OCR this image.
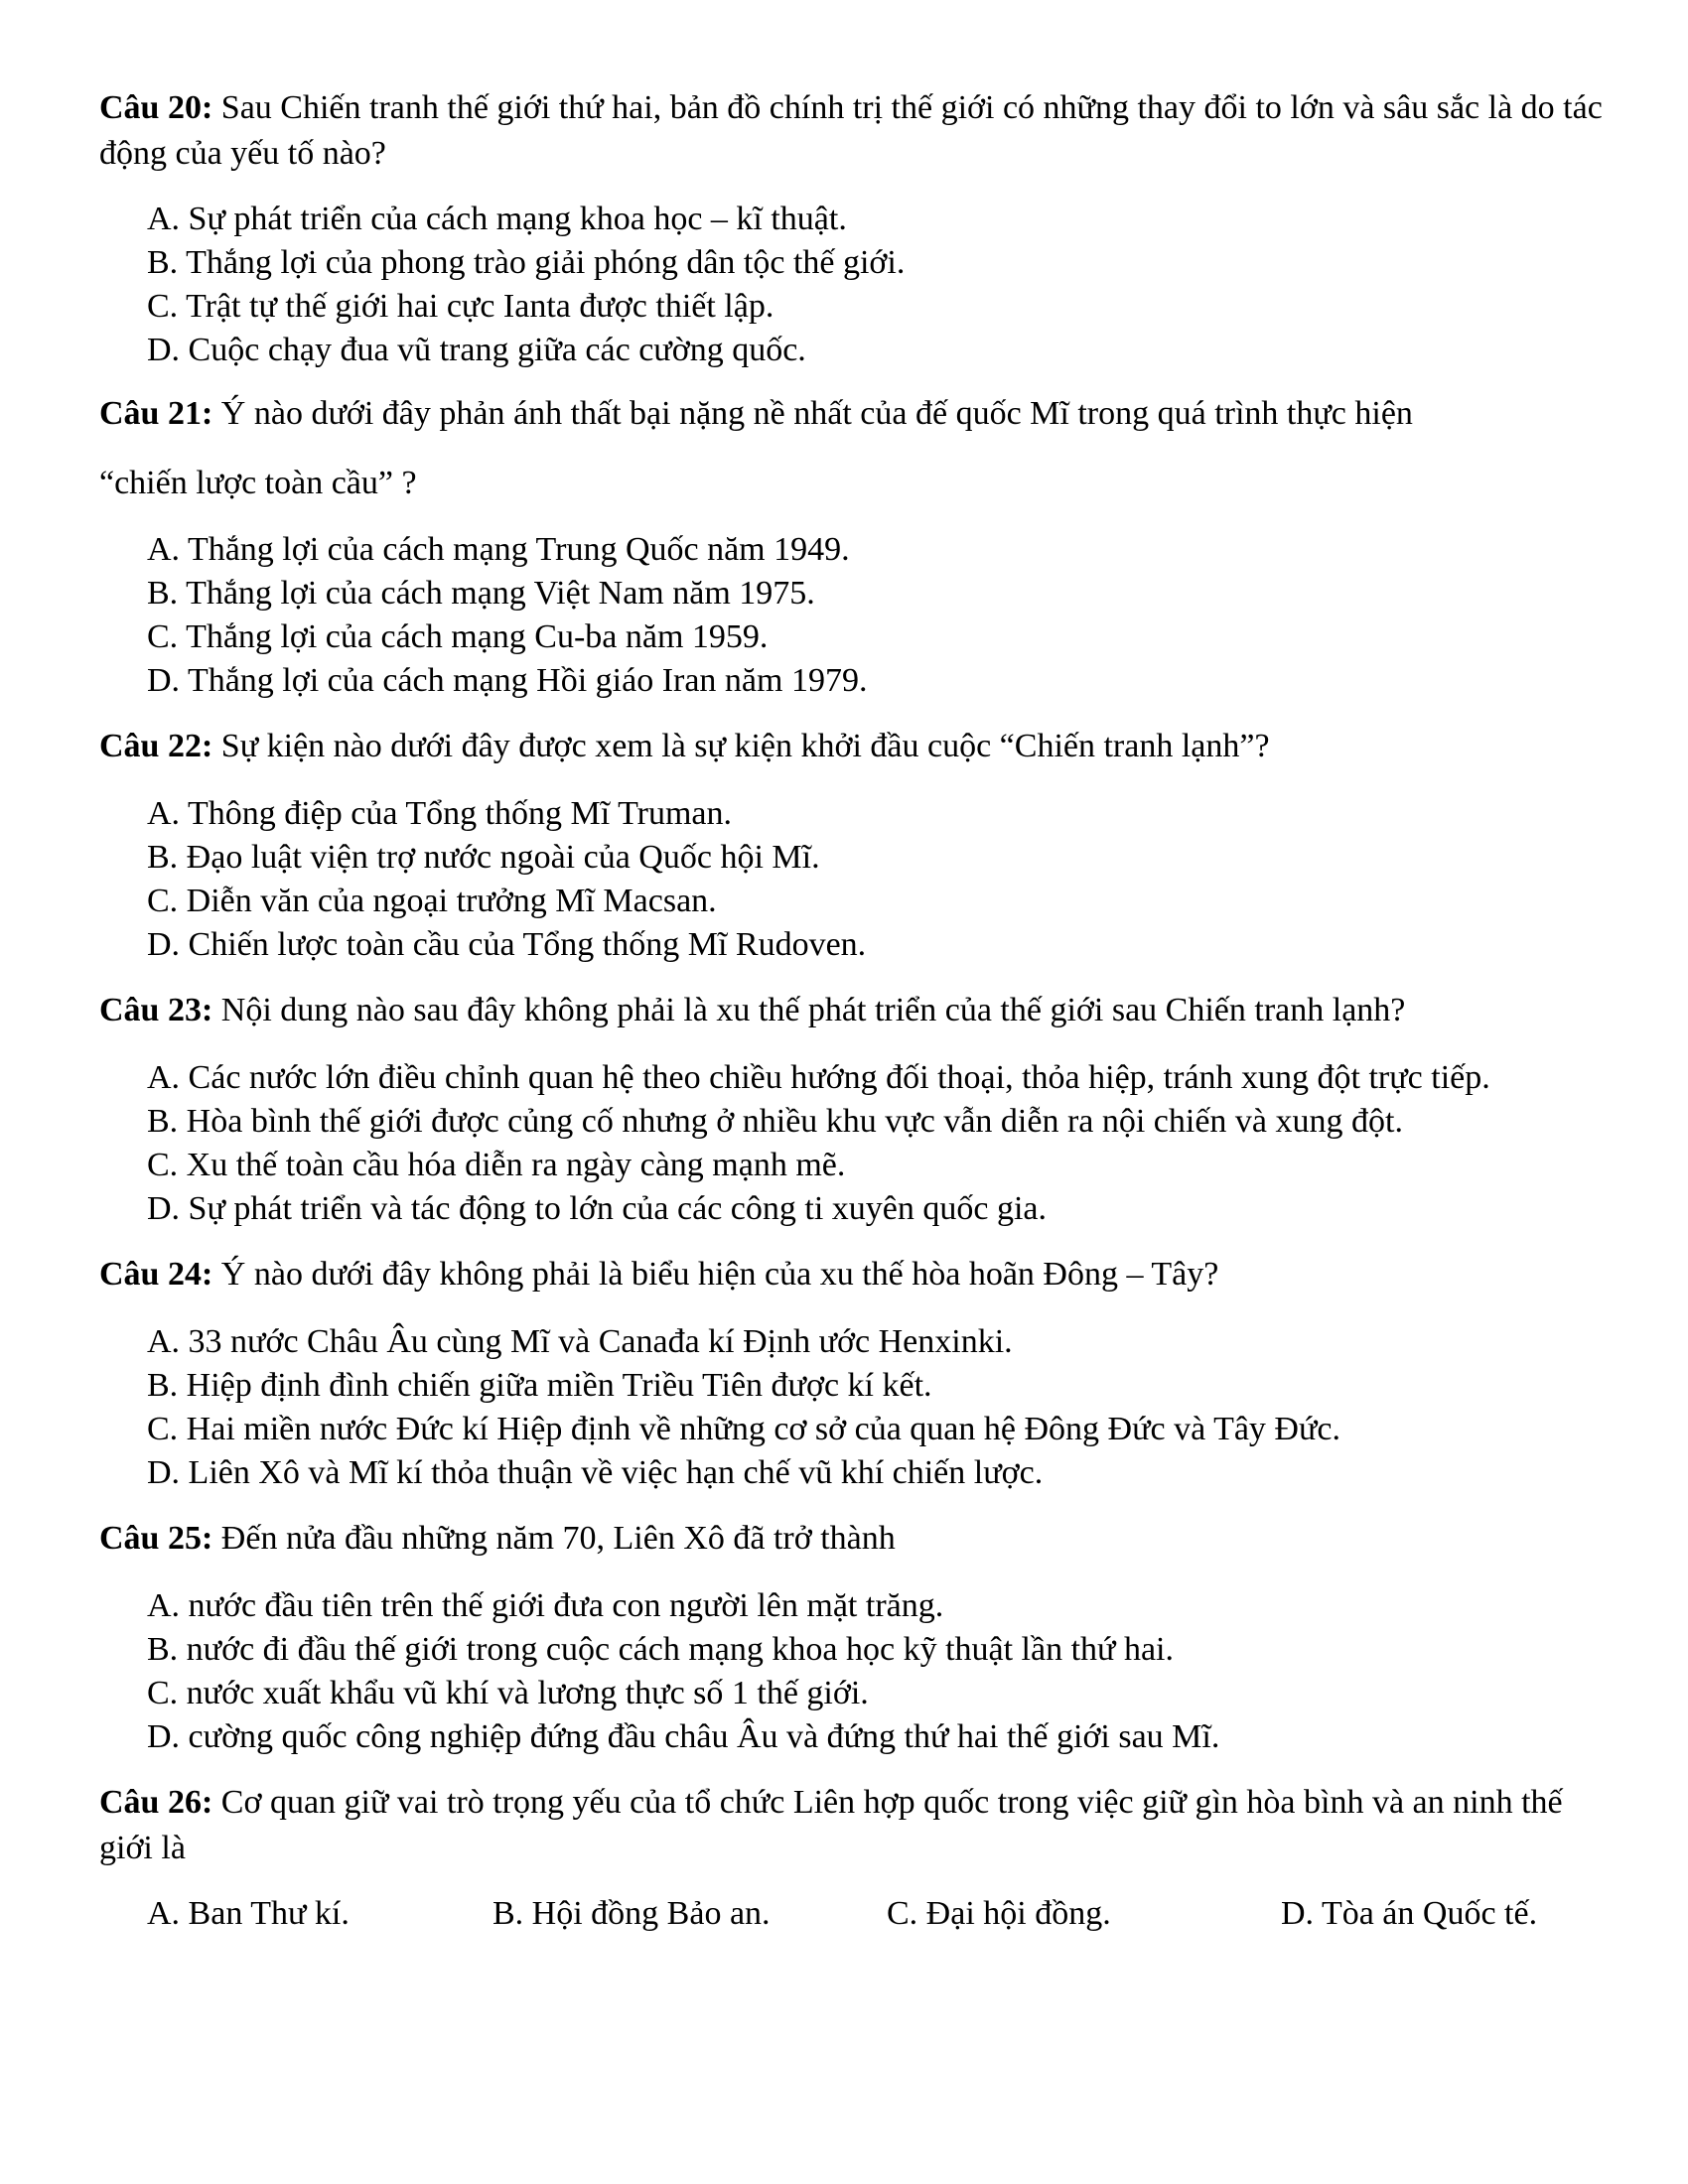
Câu 20: Sau Chiến tranh thế giới thứ hai, bản đồ chính trị thế giới có những thay đổi to lớn và sâu sắc là do tác động của yếu tố nào?
A. Sự phát triển của cách mạng khoa học – kĩ thuật.
B. Thắng lợi của phong trào giải phóng dân tộc thế giới.
C. Trật tự thế giới hai cực Ianta được thiết lập.
D. Cuộc chạy đua vũ trang giữa các cường quốc.
Câu 21: Ý nào dưới đây phản ánh thất bại nặng nề nhất của đế quốc Mĩ trong quá trình thực hiện
“chiến lược toàn cầu” ?
A. Thắng lợi của cách mạng Trung Quốc năm 1949.
B. Thắng lợi của cách mạng Việt Nam năm 1975.
C. Thắng lợi của cách mạng Cu-ba năm 1959.
D. Thắng lợi của cách mạng Hồi giáo Iran năm 1979.
Câu 22: Sự kiện nào dưới đây được xem là sự kiện khởi đầu cuộc “Chiến tranh lạnh”?
A. Thông điệp của Tổng thống Mĩ Truman.
B. Đạo luật viện trợ nước ngoài của Quốc hội Mĩ.
C. Diễn văn của ngoại trưởng Mĩ Macsan.
D. Chiến lược toàn cầu của Tổng thống Mĩ Rudoven.
Câu 23: Nội dung nào sau đây không phải là xu thế phát triển của thế giới sau Chiến tranh lạnh?
A. Các nước lớn điều chỉnh quan hệ theo chiều hướng đối thoại, thỏa hiệp, tránh xung đột trực tiếp.
B. Hòa bình thế giới được củng cố nhưng ở nhiều khu vực vẫn diễn ra nội chiến và xung đột.
C. Xu thế toàn cầu hóa diễn ra ngày càng mạnh mẽ.
D. Sự phát triển và tác động to lớn của các công ti xuyên quốc gia.
Câu 24: Ý nào dưới đây không phải là biểu hiện của xu thế hòa hoãn Đông – Tây?
A. 33 nước Châu Âu cùng Mĩ và Canađa kí Định ước Henxinki.
B. Hiệp định đình chiến giữa miền Triều Tiên được kí kết.
C. Hai miền nước Đức kí Hiệp định về những cơ sở của quan hệ Đông Đức và Tây Đức.
D. Liên Xô và Mĩ kí thỏa thuận về việc hạn chế vũ khí chiến lược.
Câu 25: Đến nửa đầu những năm 70, Liên Xô đã trở thành
A. nước đầu tiên trên thế giới đưa con người lên mặt trăng.
B. nước đi đầu thế giới trong cuộc cách mạng khoa học kỹ thuật lần thứ hai.
C. nước xuất khẩu vũ khí và lương thực số 1 thế giới.
D. cường quốc công nghiệp đứng đầu châu Âu và đứng thứ hai thế giới sau Mĩ.
Câu 26: Cơ quan giữ vai trò trọng yếu của tổ chức Liên hợp quốc trong việc giữ gìn hòa bình và an ninh thế giới là
A. Ban Thư kí.	B. Hội đồng Bảo an.	C. Đại hội đồng.	D. Tòa án Quốc tế.
